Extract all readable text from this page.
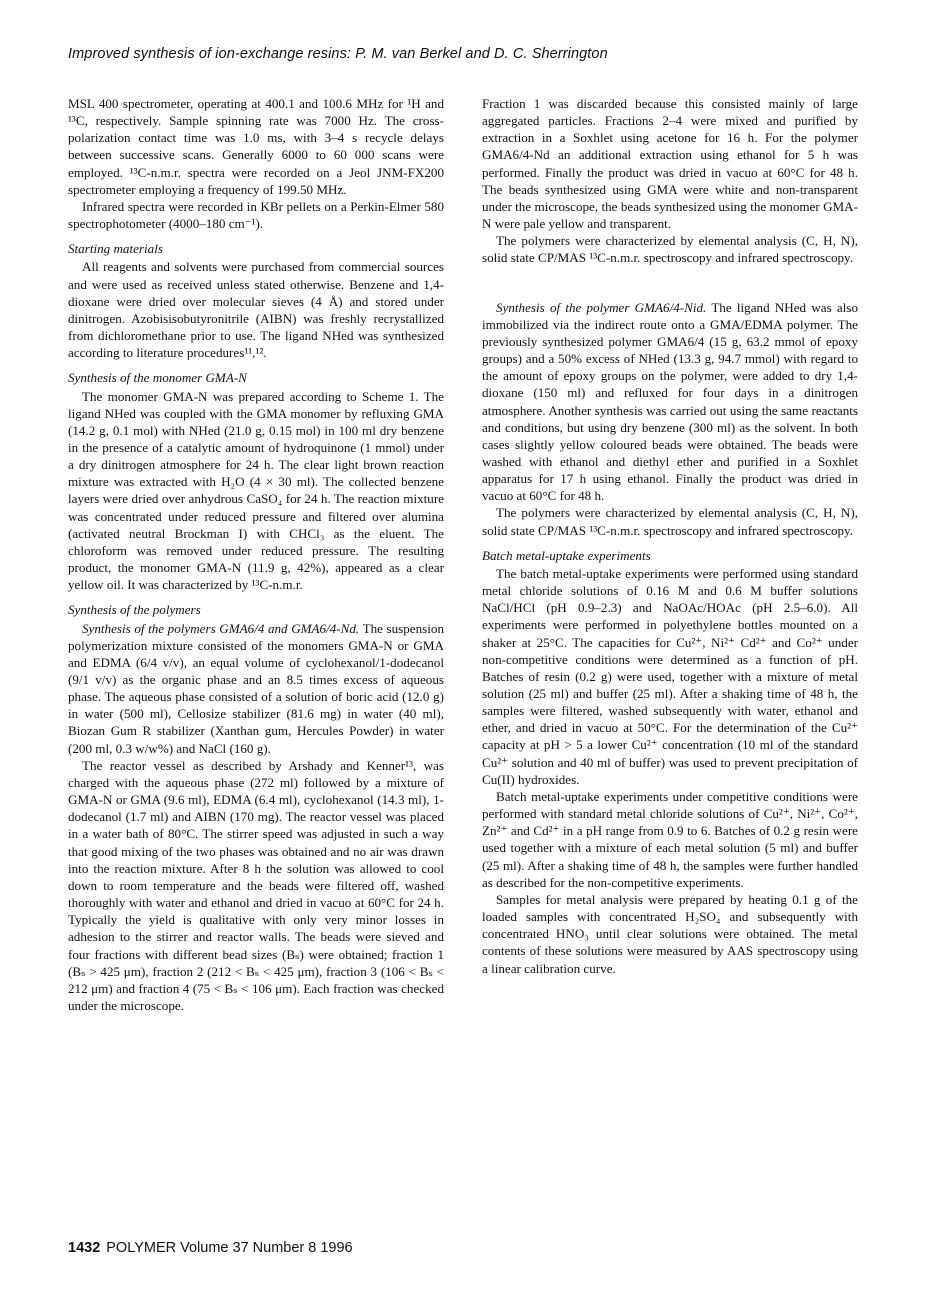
Improved synthesis of ion-exchange resins: P. M. van Berkel and D. C. Sherrington

MSL 400 spectrometer, operating at 400.1 and 100.6 MHz for ¹H and ¹³C, respectively. Sample spinning rate was 7000 Hz. The cross-polarization contact time was 1.0 ms, with 3–4 s recycle delays between successive scans. Generally 6000 to 60 000 scans were employed. ¹³C-n.m.r. spectra were recorded on a Jeol JNM-FX200 spectrometer employing a frequency of 199.50 MHz.

Infrared spectra were recorded in KBr pellets on a Perkin-Elmer 580 spectrophotometer (4000–180 cm⁻¹).

Starting materials

All reagents and solvents were purchased from commercial sources and were used as received unless stated otherwise. Benzene and 1,4-dioxane were dried over molecular sieves (4 Å) and stored under dinitrogen. Azobisisobutyronitrile (AIBN) was freshly recrystallized from dichloromethane prior to use. The ligand NHed was synthesized according to literature procedures¹¹,¹².

Synthesis of the monomer GMA-N

The monomer GMA-N was prepared according to Scheme 1. The ligand NHed was coupled with the GMA monomer by refluxing GMA (14.2 g, 0.1 mol) with NHed (21.0 g, 0.15 mol) in 100 ml dry benzene in the presence of a catalytic amount of hydroquinone (1 mmol) under a dry dinitrogen atmosphere for 24 h. The clear light brown reaction mixture was extracted with H₂O (4 × 30 ml). The collected benzene layers were dried over anhydrous CaSO₄ for 24 h. The reaction mixture was concentrated under reduced pressure and filtered over alumina (activated neutral Brockman I) with CHCl₃ as the eluent. The chloroform was removed under reduced pressure. The resulting product, the monomer GMA-N (11.9 g, 42%), appeared as a clear yellow oil. It was characterized by ¹³C-n.m.r.

Synthesis of the polymers

Synthesis of the polymers GMA6/4 and GMA6/4-Nd. The suspension polymerization mixture consisted of the monomers GMA-N or GMA and EDMA (6/4 v/v), an equal volume of cyclohexanol/1-dodecanol (9/1 v/v) as the organic phase and an 8.5 times excess of aqueous phase. The aqueous phase consisted of a solution of boric acid (12.0 g) in water (500 ml), Cellosize stabilizer (81.6 mg) in water (40 ml), Biozan Gum R stabilizer (Xanthan gum, Hercules Powder) in water (200 ml, 0.3 w/w%) and NaCl (160 g).

The reactor vessel as described by Arshady and Kenner¹³, was charged with the aqueous phase (272 ml) followed by a mixture of GMA-N or GMA (9.6 ml), EDMA (6.4 ml), cyclohexanol (14.3 ml), 1-dodecanol (1.7 ml) and AIBN (170 mg). The reactor vessel was placed in a water bath of 80°C. The stirrer speed was adjusted in such a way that good mixing of the two phases was obtained and no air was drawn into the reaction mixture. After 8 h the solution was allowed to cool down to room temperature and the beads were filtered off, washed thoroughly with water and ethanol and dried in vacuo at 60°C for 24 h. Typically the yield is qualitative with only very minor losses in adhesion to the stirrer and reactor walls. The beads were sieved and four fractions with different bead sizes (Bₛ) were obtained; fraction 1 (Bₛ > 425 μm), fraction 2 (212 < Bₛ < 425 μm), fraction 3 (106 < Bₛ < 212 μm) and fraction 4 (75 < Bₛ < 106 μm). Each fraction was checked under the microscope.

Fraction 1 was discarded because this consisted mainly of large aggregated particles. Fractions 2–4 were mixed and purified by extraction in a Soxhlet using acetone for 16 h. For the polymer GMA6/4-Nd an additional extraction using ethanol for 5 h was performed. Finally the product was dried in vacuo at 60°C for 48 h. The beads synthesized using GMA were white and non-transparent under the microscope, the beads synthesized using the monomer GMA-N were pale yellow and transparent.

The polymers were characterized by elemental analysis (C, H, N), solid state CP/MAS ¹³C-n.m.r. spectroscopy and infrared spectroscopy.

Synthesis of the polymer GMA6/4-Nid. The ligand NHed was also immobilized via the indirect route onto a GMA/EDMA polymer. The previously synthesized polymer GMA6/4 (15 g, 63.2 mmol of epoxy groups) and a 50% excess of NHed (13.3 g, 94.7 mmol) with regard to the amount of epoxy groups on the polymer, were added to dry 1,4-dioxane (150 ml) and refluxed for four days in a dinitrogen atmosphere. Another synthesis was carried out using the same reactants and conditions, but using dry benzene (300 ml) as the solvent. In both cases slightly yellow coloured beads were obtained. The beads were washed with ethanol and diethyl ether and purified in a Soxhlet apparatus for 17 h using ethanol. Finally the product was dried in vacuo at 60°C for 48 h.

The polymers were characterized by elemental analysis (C, H, N), solid state CP/MAS ¹³C-n.m.r. spectroscopy and infrared spectroscopy.

Batch metal-uptake experiments

The batch metal-uptake experiments were performed using standard metal chloride solutions of 0.16 M and 0.6 M buffer solutions NaCl/HCl (pH 0.9–2.3) and NaOAc/HOAc (pH 2.5–6.0). All experiments were performed in polyethylene bottles mounted on a shaker at 25°C. The capacities for Cu²⁺, Ni²⁺ Cd²⁺ and Co²⁺ under non-competitive conditions were determined as a function of pH. Batches of resin (0.2 g) were used, together with a mixture of metal solution (25 ml) and buffer (25 ml). After a shaking time of 48 h, the samples were filtered, washed subsequently with water, ethanol and ether, and dried in vacuo at 50°C. For the determination of the Cu²⁺ capacity at pH > 5 a lower Cu²⁺ concentration (10 ml of the standard Cu²⁺ solution and 40 ml of buffer) was used to prevent precipitation of Cu(II) hydroxides.

Batch metal-uptake experiments under competitive conditions were performed with standard metal chloride solutions of Cu²⁺, Ni²⁺, Co²⁺, Zn²⁺ and Cd²⁺ in a pH range from 0.9 to 6. Batches of 0.2 g resin were used together with a mixture of each metal solution (5 ml) and buffer (25 ml). After a shaking time of 48 h, the samples were further handled as described for the non-competitive experiments.

Samples for metal analysis were prepared by heating 0.1 g of the loaded samples with concentrated H₂SO₄ and subsequently with concentrated HNO₃ until clear solutions were obtained. The metal contents of these solutions were measured by AAS spectroscopy using a linear calibration curve.

1432 POLYMER Volume 37 Number 8 1996
